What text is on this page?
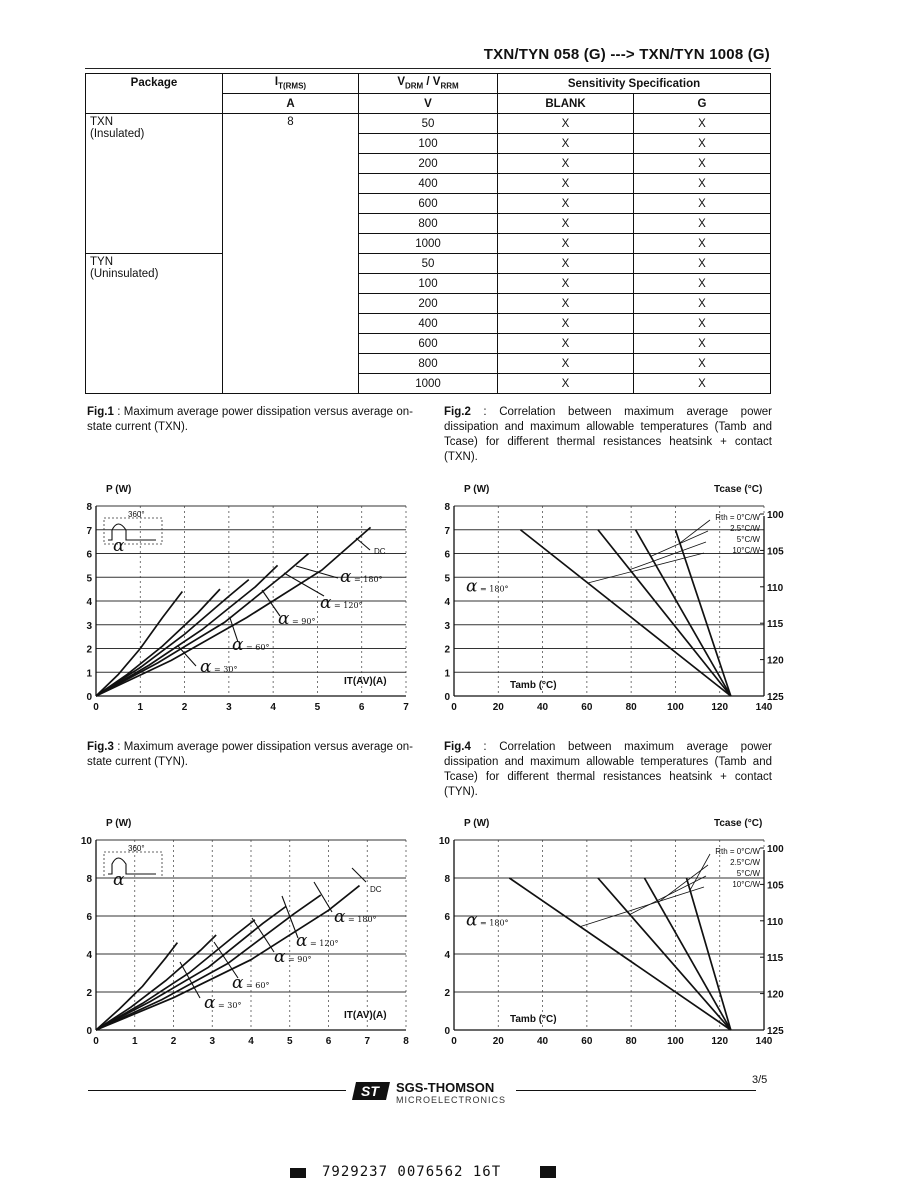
TXN/TYN 058 (G) ---> TXN/TYN 1008 (G)
Package	$I_{T(RMS)}$	$V_{DRM} / V_{RRM}$	Sensitivity Specification	
	A	V	BLANK	G

TXN
(Insulated)	8	50	X	X
		100	X	X
		200	X	X
		400	X	X
		600	X	X
		800	X	X
		1000	X	X

TYN
(Uninsulated)		50	X	X
		100	X	X
		200	X	X
		400	X	X
		600	X	X
		800	X	X
		1000	X	X
Fig.1 : Maximum average power dissipation versus average on-state current (TXN).
Fig.2 : Correlation between maximum average power dissipation and maximum allowable temperatures (Tamb and Tcase) for different thermal resistances heatsink + contact (TXN).
Fig.3 : Maximum average power dissipation versus average on-state current (TYN).
Fig.4 : Correlation between maximum average power dissipation and maximum allowable temperatures (Tamb and Tcase) for different thermal resistances heatsink + contact (TYN).
P (W)
0	1	2	3	4	5	6	7
0
1
2
3
4
5
6
7
8
360°
α
α = 30°
α = 60°
α = 90°
α = 120°
α = 180°
DC
IT(AV)(A)
P (W)
0	20	40	60	80	100	120	140
0
1
2
3
4
5
6
7
8
Tcase (°C)
100
105
110
115
120
125
Rth = 0°C/W
2.5°C/W
5°C/W
10°C/W
α = 180°
Tamb (°C)
P (W)
0	1	2	3	4	5	6	7	8
0
2
4
6
8
10
360°
α
α = 30°
α = 60°
α = 90°
α = 120°
α = 180°
DC
IT(AV)(A)
P (W)
0	20	40	60	80	100	120	140
0
2
4
6
8
10
Tcase (°C)
100
105
110
115
120
125
Rth = 0°C/W
2.5°C/W
5°C/W
10°C/W
α = 180°
Tamb (°C)
ST SGS-THOMSON
MICROELECTRONICS
3/5
7929237 0076562 16T
